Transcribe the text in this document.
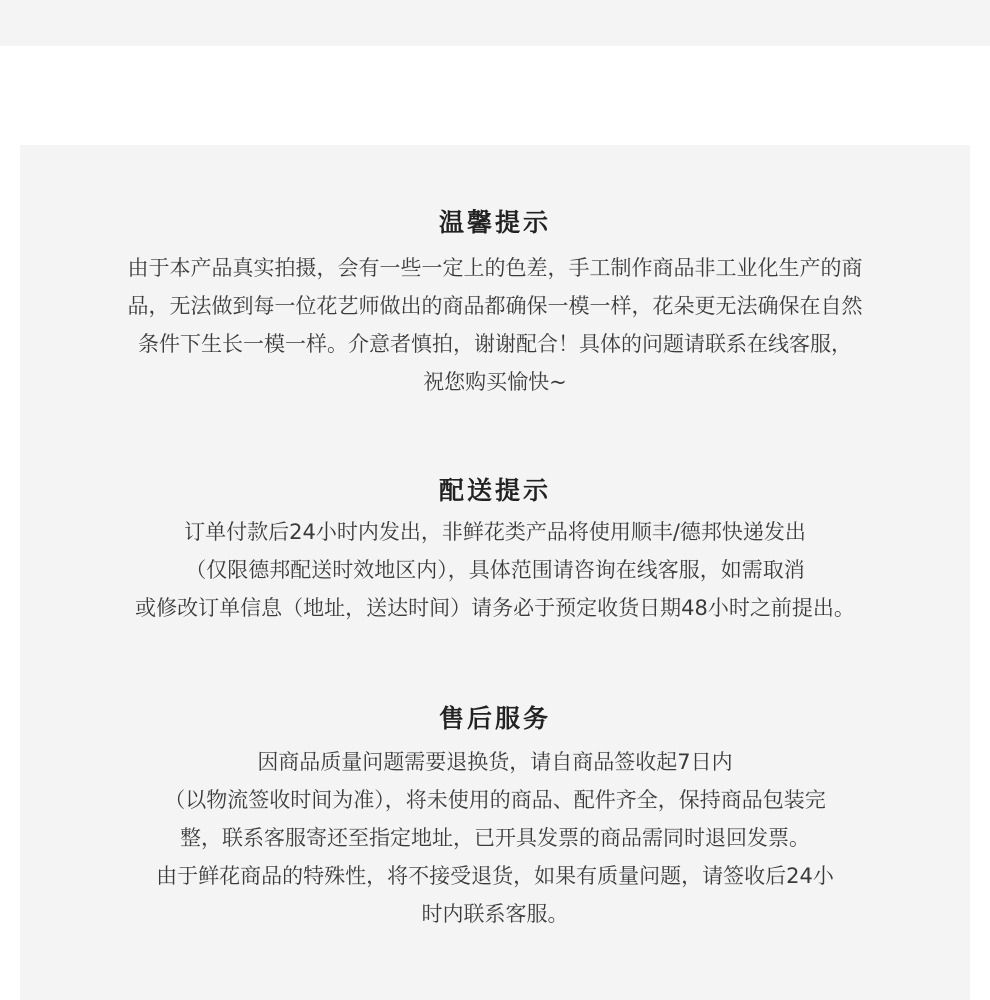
温馨提示
由于本产品真实拍摄，会有一些一定上的色差，手工制作商品非工业化生产的商
品，无法做到每一位花艺师做出的商品都确保一模一样，花朵更无法确保在自然
条件下生长一模一样。介意者慎拍，谢谢配合！具体的问题请联系在线客服，
祝您购买愉快~
配送提示
订单付款后24小时内发出，非鲜花类产品将使用顺丰/德邦快递发出
（仅限德邦配送时效地区内），具体范围请咨询在线客服，如需取消
或修改订单信息（地址，送达时间）请务必于预定收货日期48小时之前提出。
售后服务
因商品质量问题需要退换货，请自商品签收起7日内
（以物流签收时间为准），将未使用的商品、配件齐全，保持商品包装完
整，联系客服寄还至指定地址，已开具发票的商品需同时退回发票。
由于鲜花商品的特殊性，将不接受退货，如果有质量问题，请签收后24小
时内联系客服。
